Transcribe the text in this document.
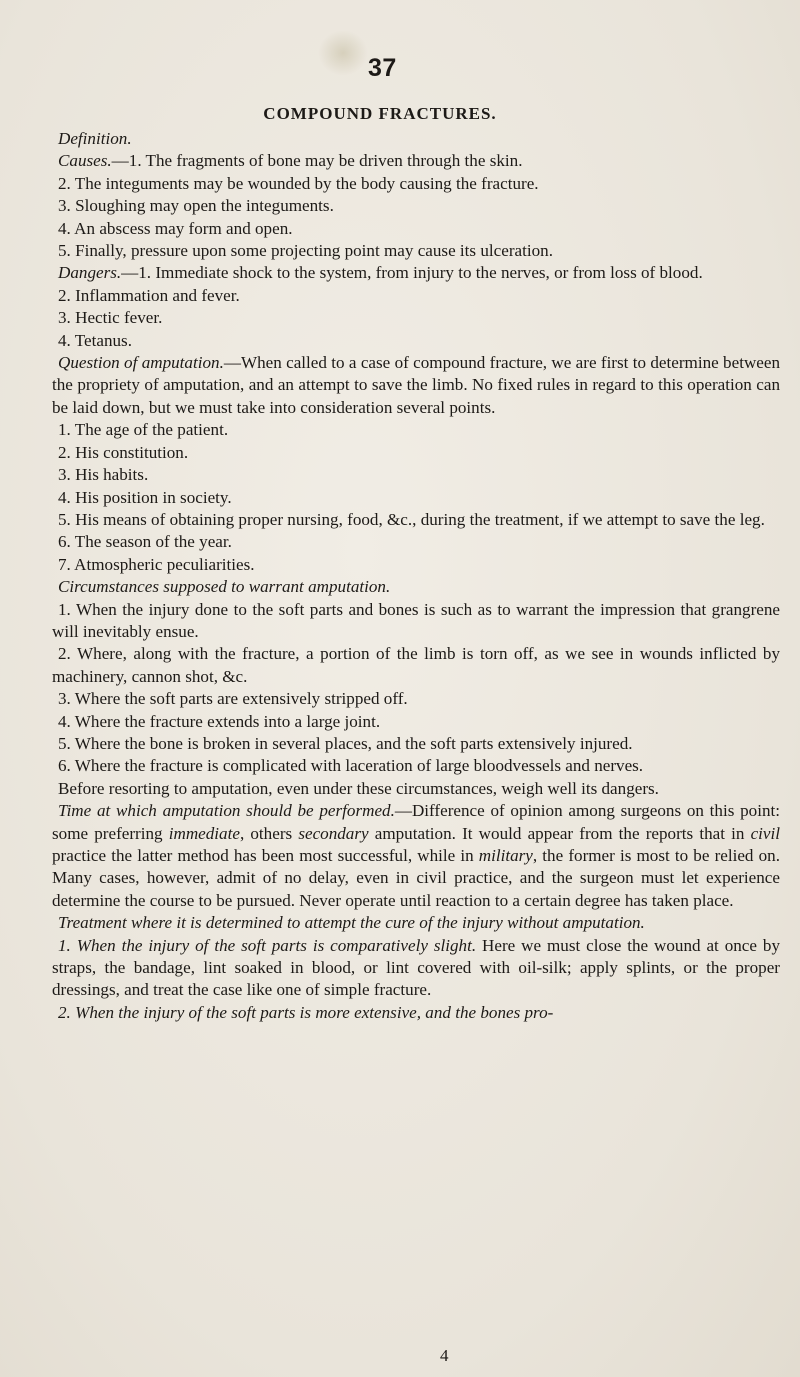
37
COMPOUND FRACTURES.

Definition.

Causes.—1. The fragments of bone may be driven through the skin.

2. The integuments may be wounded by the body causing the fracture.

3. Sloughing may open the integuments.

4. An abscess may form and open.

5. Finally, pressure upon some projecting point may cause its ulceration.

Dangers.—1. Immediate shock to the system, from injury to the nerves, or from loss of blood.

2. Inflammation and fever.

3. Hectic fever.

4. Tetanus.

Question of amputation.—When called to a case of compound fracture, we are first to determine between the propriety of amputation, and an attempt to save the limb. No fixed rules in regard to this operation can be laid down, but we must take into consideration several points.

1. The age of the patient.

2. His constitution.

3. His habits.

4. His position in society.

5. His means of obtaining proper nursing, food, &c., during the treatment, if we attempt to save the leg.

6. The season of the year.

7. Atmospheric peculiarities.

Circumstances supposed to warrant amputation.

1. When the injury done to the soft parts and bones is such as to warrant the impression that grangrene will inevitably ensue.

2. Where, along with the fracture, a portion of the limb is torn off, as we see in wounds inflicted by machinery, cannon shot, &c.

3. Where the soft parts are extensively stripped off.

4. Where the fracture extends into a large joint.

5. Where the bone is broken in several places, and the soft parts extensively injured.

6. Where the fracture is complicated with laceration of large bloodvessels and nerves.

Before resorting to amputation, even under these circumstances, weigh well its dangers.

Time at which amputation should be performed.—Difference of opinion among surgeons on this point: some preferring immediate, others secondary amputation. It would appear from the reports that in civil practice the latter method has been most successful, while in military, the former is most to be relied on. Many cases, however, admit of no delay, even in civil practice, and the surgeon must let experience determine the course to be pursued. Never operate until reaction to a certain degree has taken place.

Treatment where it is determined to attempt the cure of the injury without amputation.

1. When the injury of the soft parts is comparatively slight. Here we must close the wound at once by straps, the bandage, lint soaked in blood, or lint covered with oil-silk; apply splints, or the proper dressings, and treat the case like one of simple fracture.

2. When the injury of the soft parts is more extensive, and the bones pro-

4
